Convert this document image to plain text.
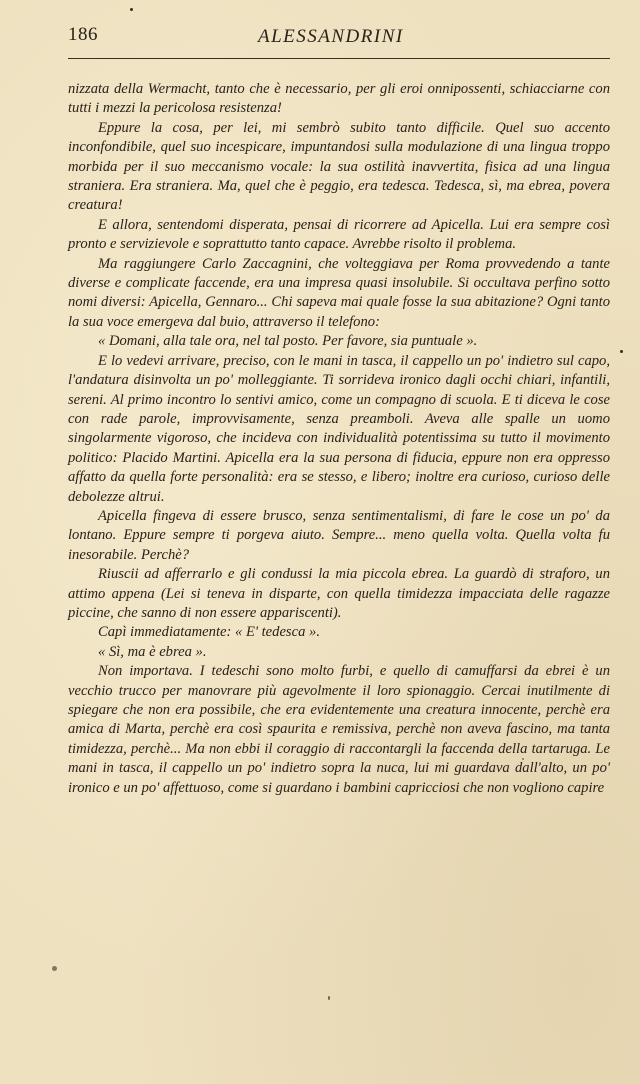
186	ALESSANDRINI

nizzata della Wermacht, tanto che è necessario, per gli eroi onnipossenti, schiacciarne con tutti i mezzi la pericolosa resistenza!

Eppure la cosa, per lei, mi sembrò subito tanto difficile. Quel suo accento inconfondibile, quel suo incespicare, impuntandosi sulla modulazione di una lingua troppo morbida per il suo meccanismo vocale: la sua ostilità inavvertita, fisica ad una lingua straniera. Era straniera. Ma, quel che è peggio, era tedesca. Tedesca, sì, ma ebrea, povera creatura!

E allora, sentendomi disperata, pensai di ricorrere ad Apicella. Lui era sempre così pronto e servizievole e soprattutto tanto capace. Avrebbe risolto il problema.

Ma raggiungere Carlo Zaccagnini, che volteggiava per Roma provvedendo a tante diverse e complicate faccende, era una impresa quasi insolubile. Si occultava perfino sotto nomi diversi: Apicella, Gennaro... Chi sapeva mai quale fosse la sua abitazione? Ogni tanto la sua voce emergeva dal buio, attraverso il telefono:

« Domani, alla tale ora, nel tal posto. Per favore, sia puntuale ».

E lo vedevi arrivare, preciso, con le mani in tasca, il cappello un po' indietro sul capo, l'andatura disinvolta un po' molleggiante. Ti sorrideva ironico dagli occhi chiari, infantili, sereni. Al primo incontro lo sentivi amico, come un compagno di scuola. E ti diceva le cose con rade parole, improvvisamente, senza preamboli. Aveva alle spalle un uomo singolarmente vigoroso, che incideva con individualità potentissima su tutto il movimento politico: Placido Martini. Apicella era la sua persona di fiducia, eppure non era oppresso affatto da quella forte personalità: era se stesso, e libero; inoltre era curioso, curioso delle debolezze altrui.

Apicella fingeva di essere brusco, senza sentimentalismi, di fare le cose un po' da lontano. Eppure sempre ti porgeva aiuto. Sempre... meno quella volta. Quella volta fu inesorabile. Perchè?

Riuscii ad afferrarlo e gli condussi la mia piccola ebrea. La guardò di straforo, un attimo appena (Lei si teneva in disparte, con quella timidezza impacciata delle ragazze piccine, che sanno di non essere appariscenti).

Capì immediatamente: « E' tedesca ».

« Sì, ma è ebrea ».

Non importava. I tedeschi sono molto furbi, e quello di camuffarsi da ebrei è un vecchio trucco per manovrare più agevolmente il loro spionaggio. Cercai inutilmente di spiegare che non era possibile, che era evidentemente una creatura innocente, perchè era amica di Marta, perchè era così spaurita e remissiva, perchè non aveva fascino, ma tanta timidezza, perchè... Ma non ebbi il coraggio di raccontargli la faccenda della tartaruga. Le mani in tasca, il cappello un po' indietro sopra la nuca, lui mi guardava dall'alto, un po' ironico e un po' affettuoso, come si guardano i bambini capricciosi che non vogliono capire
